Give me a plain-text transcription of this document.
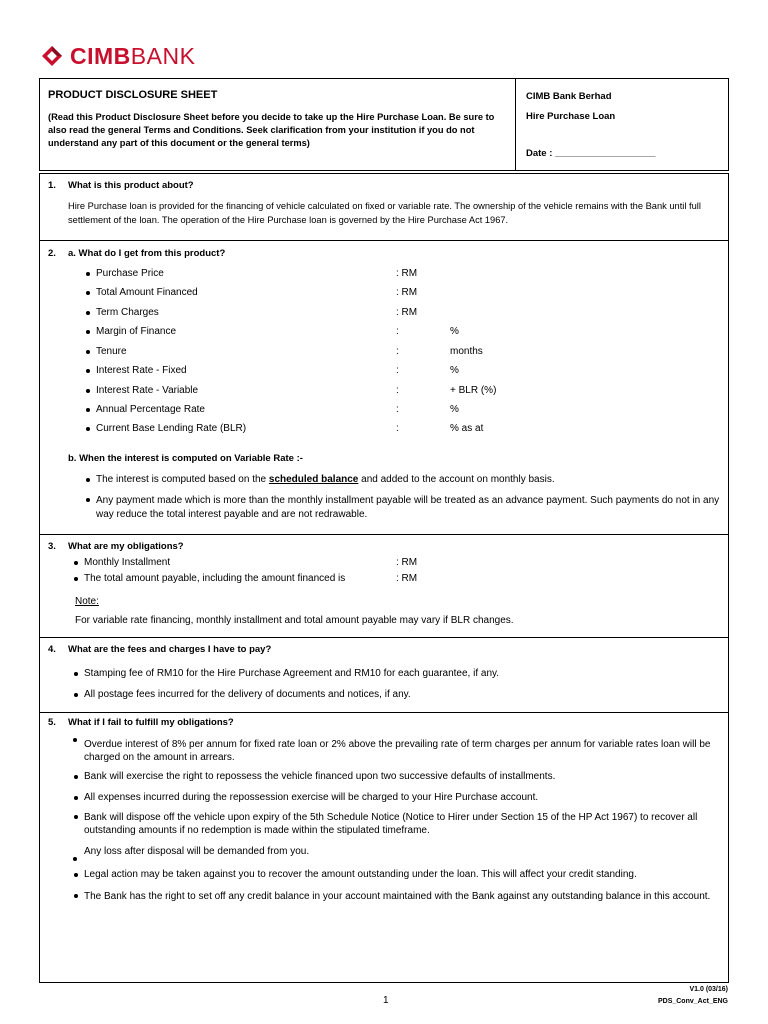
CIMBBANK
PRODUCT DISCLOSURE SHEET
(Read this Product Disclosure Sheet before you decide to take up the Hire Purchase Loan. Be sure to also read the general Terms and Conditions. Seek clarification from your institution if you do not understand any part of this document or the general terms)
CIMB Bank Berhad
Hire Purchase Loan
Date : ___________________
1. What is this product about?
Hire Purchase loan is provided for the financing of vehicle calculated on fixed or variable rate. The ownership of the vehicle remains with the Bank until full settlement of the loan. The operation of the Hire Purchase loan is governed by the Hire Purchase Act 1967.
2. a. What do I get from this product?
Purchase Price	: RM
Total Amount Financed	: RM
Term Charges	: RM
Margin of Finance	:	%
Tenure	:	months
Interest Rate - Fixed	:	%
Interest Rate - Variable	:	+ BLR (%)
Annual Percentage Rate	:	%
Current Base Lending Rate (BLR)	:	% as at
b. When the interest is computed on Variable Rate :-
The interest is computed based on the scheduled balance and added to the account on monthly basis.
Any payment made which is more than the monthly installment payable will be treated as an advance payment. Such payments do not in any way reduce the total interest payable and are not redrawable.
3. What are my obligations?
Monthly Installment	: RM
The total amount payable, including the amount financed is	: RM
Note:
For variable rate financing, monthly installment and total amount payable may vary if BLR changes.
4. What are the fees and charges I have to pay?
Stamping fee of RM10 for the Hire Purchase Agreement and RM10 for each guarantee, if any.
All postage fees incurred for the delivery of documents and notices, if any.
5. What if I fail to fulfill my obligations?
Overdue interest of 8% per annum for fixed rate loan or 2% above the prevailing rate of term charges per annum for variable rates loan will be charged on the amount in arrears.
Bank will exercise the right to repossess the vehicle financed upon two successive defaults of installments.
All expenses incurred during the repossession exercise will be charged to your Hire Purchase account.
Bank will dispose off the vehicle upon expiry of the 5th Schedule Notice (Notice to Hirer under Section 15 of the HP Act 1967) to recover all outstanding amounts if no redemption is made within the stipulated timeframe.
Any loss after disposal will be demanded from you.
Legal action may be taken against you to recover the amount outstanding under the loan. This will affect your credit standing.
The Bank has the right to set off any credit balance in your account maintained with the Bank against any outstanding balance in this account.
1
V1.0 (03/16)
PDS_Conv_Act_ENG
